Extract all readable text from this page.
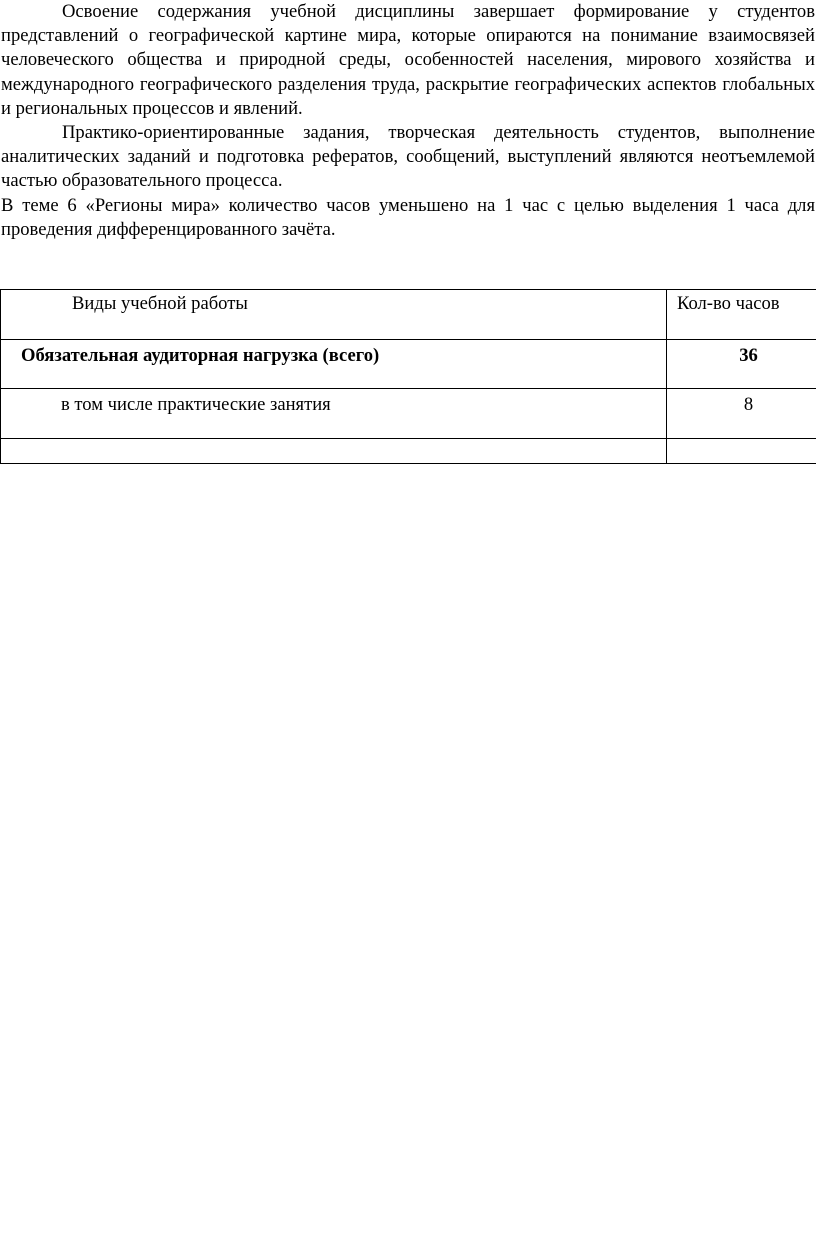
Освоение содержания учебной дисциплины завершает формирование у студентов представлений о географической картине мира, которые опираются на понимание взаимосвязей человеческого общества и природной среды, особенностей населения, мирового хозяйства и международного географического разделения труда, раскрытие географических аспектов глобальных и региональных процессов и явлений.

Практико-ориентированные задания, творческая деятельность студентов, выполнение аналитических заданий и подготовка рефератов, сообщений, выступлений являются неотъемлемой частью образовательного процесса.

В теме 6 «Регионы мира» количество часов уменьшено на 1 час с целью выделения 1 часа для проведения дифференцированного зачёта.

Виды учебной работы	Кол-во часов

Обязательная аудиторная нагрузка (всего)	36

в том числе практические занятия	8
